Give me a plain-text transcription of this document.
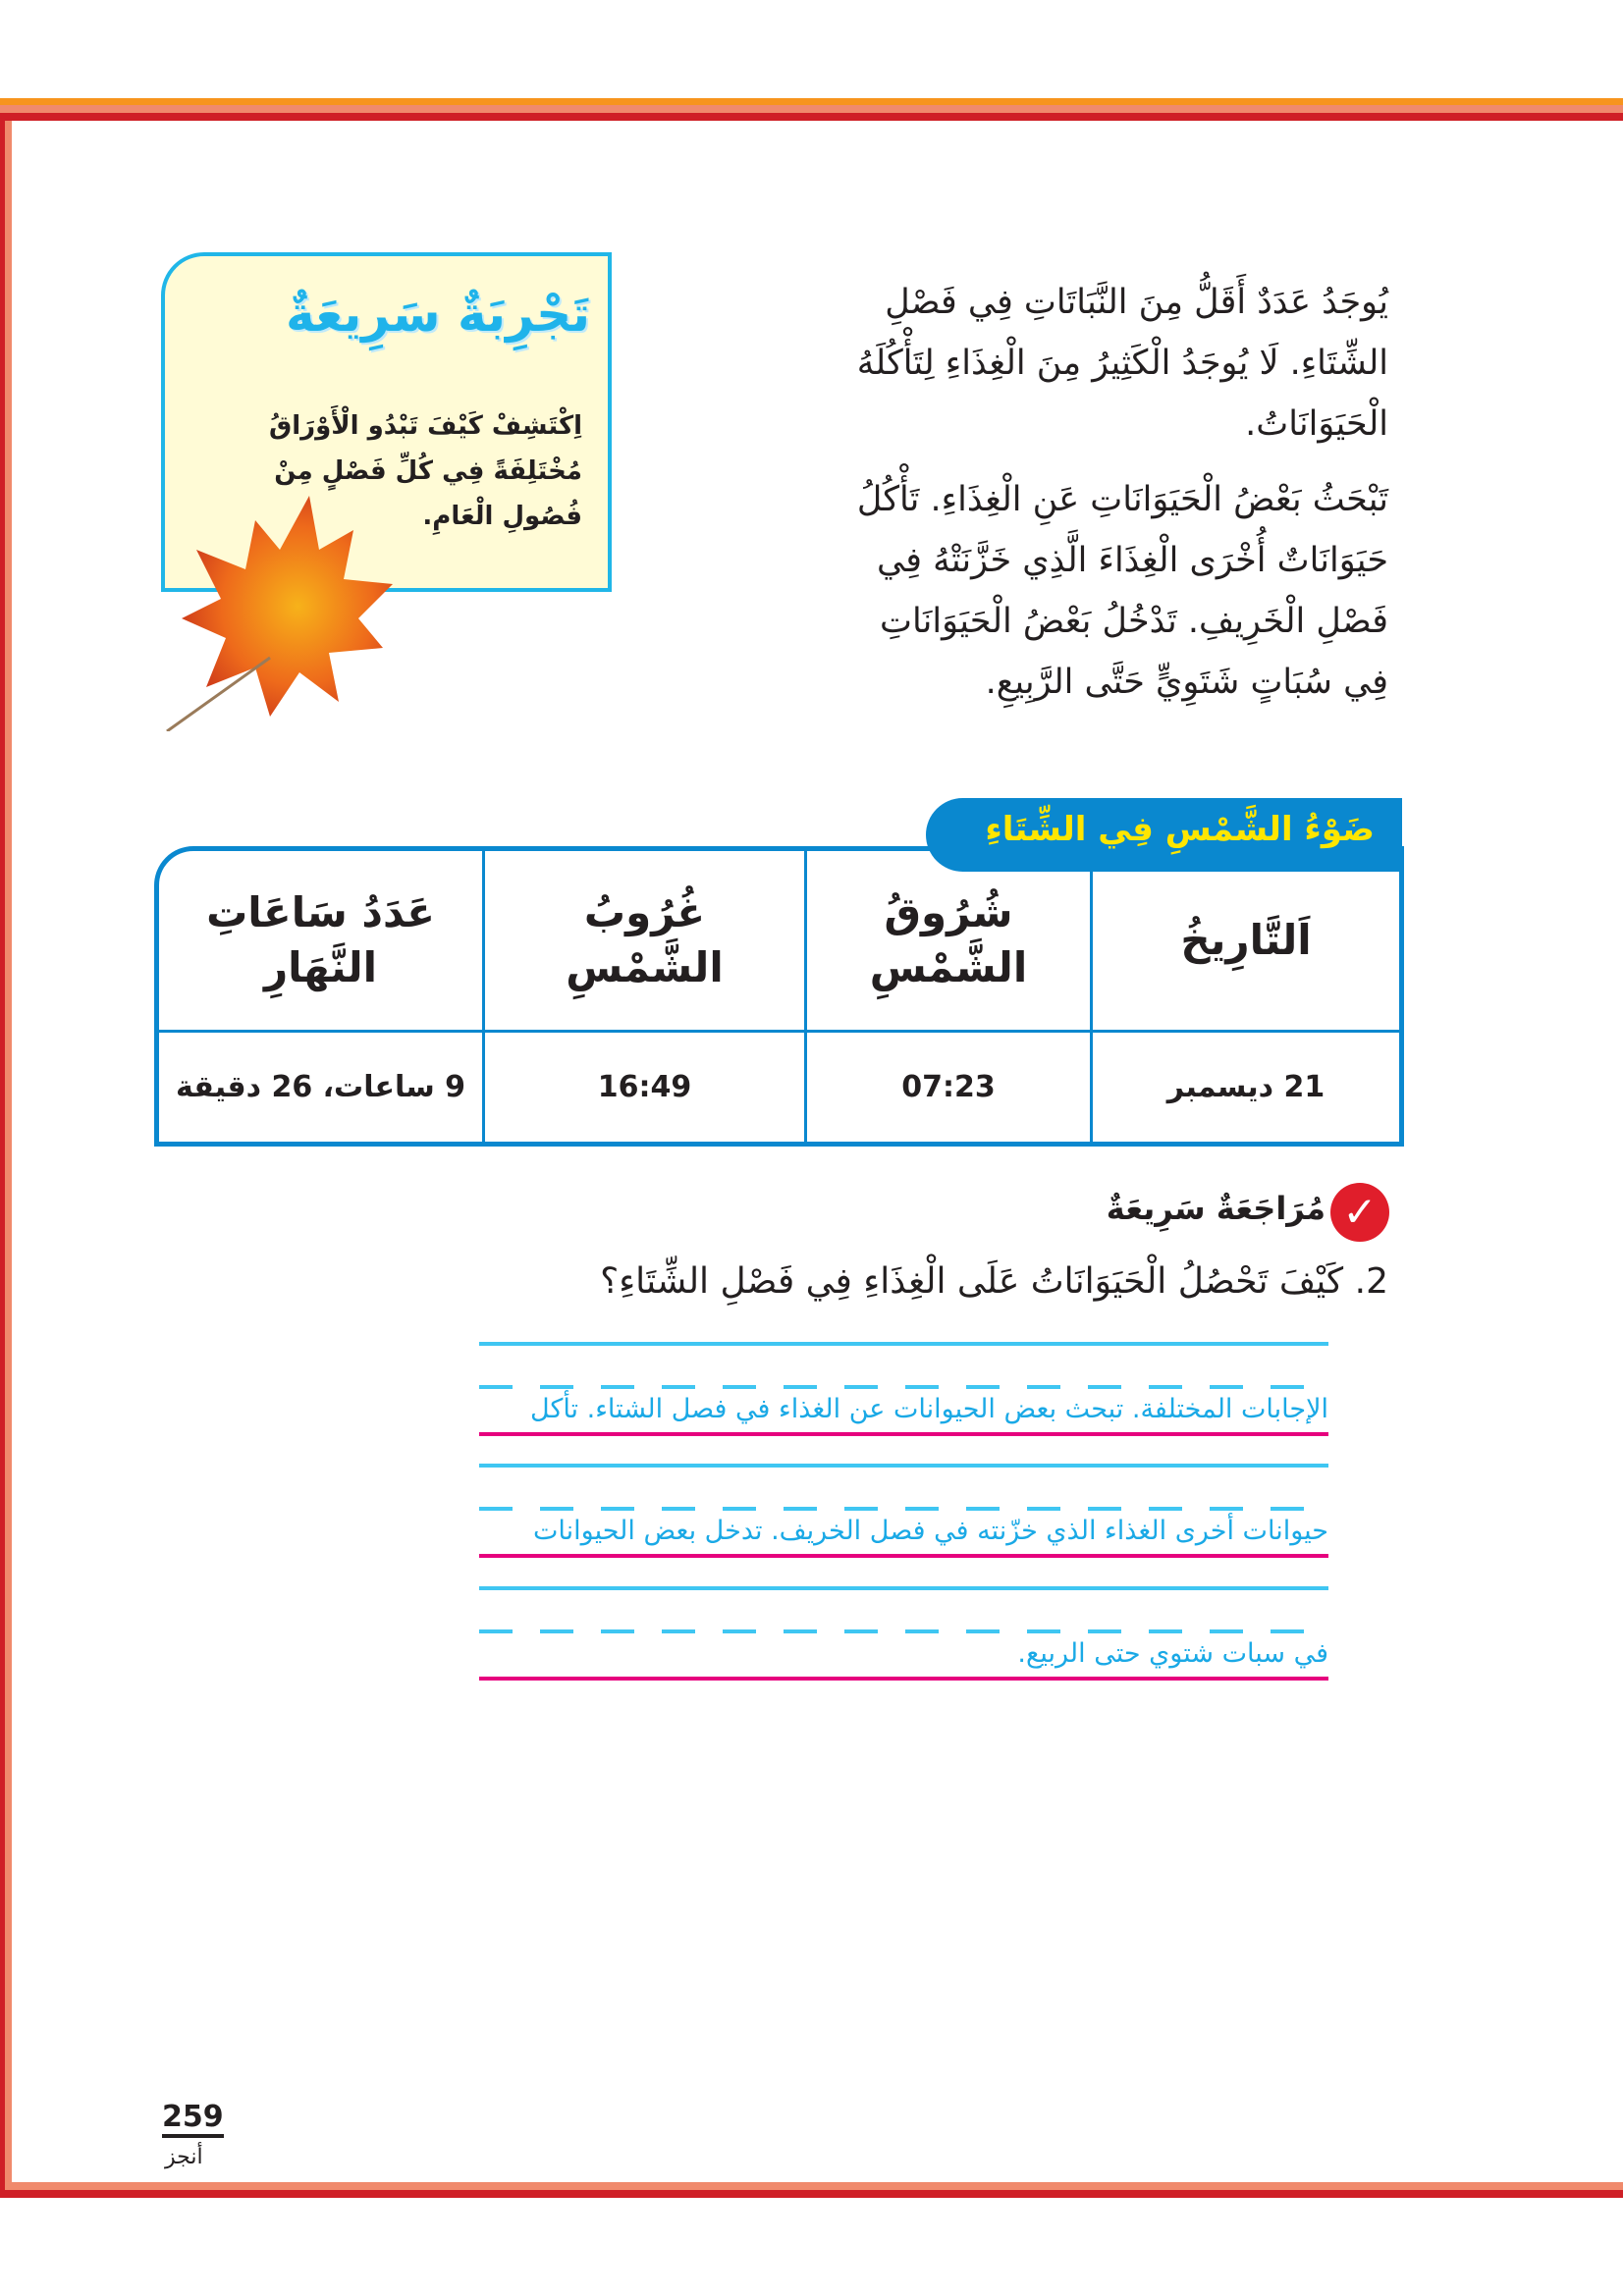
تَجْرِبَةٌ سَرِيعَةٌ
اِكْتَشِفْ كَيْفَ تَبْدُو الْأَوْرَاقُ مُخْتَلِفَةً فِي كُلِّ فَصْلٍ مِنْ فُصُولِ الْعَامِ.
يُوجَدُ عَدَدٌ أَقَلُّ مِنَ النَّبَاتَاتِ فِي فَصْلِ الشِّتَاءِ. لَا يُوجَدُ الْكَثِيرُ مِنَ الْغِذَاءِ لِتَأْكُلَهُ الْحَيَوَانَاتُ.
تَبْحَثُ بَعْضُ الْحَيَوَانَاتِ عَنِ الْغِذَاءِ. تَأْكُلُ حَيَوَانَاتٌ أُخْرَى الْغِذَاءَ الَّذِي خَزَّنَتْهُ فِي فَصْلِ الْخَرِيفِ. تَدْخُلُ بَعْضُ الْحَيَوَانَاتِ فِي سُبَاتٍ شَتَوِيٍّ حَتَّى الرَّبِيعِ.
ضَوْءُ الشَّمْسِ فِي الشِّتَاءِ
اَلتَّارِيخُ	شُرُوقُ الشَّمْسِ	غُرُوبُ الشَّمْسِ	عَدَدُ سَاعَاتِ النَّهَارِ
21 ديسمبر	07:23	16:49	9 ساعات، 26 دقيقة
✓
مُرَاجَعَةٌ سَرِيعَةٌ
2. كَيْفَ تَحْصُلُ الْحَيَوَانَاتُ عَلَى الْغِذَاءِ فِي فَصْلِ الشِّتَاءِ؟
الإجابات المختلفة. تبحث بعض الحيوانات عن الغذاء في فصل الشتاء. تأكل
حيوانات أخرى الغذاء الذي خزّنته في فصل الخريف. تدخل بعض الحيوانات
في سبات شتوي حتى الربيع.
259
أنجز
